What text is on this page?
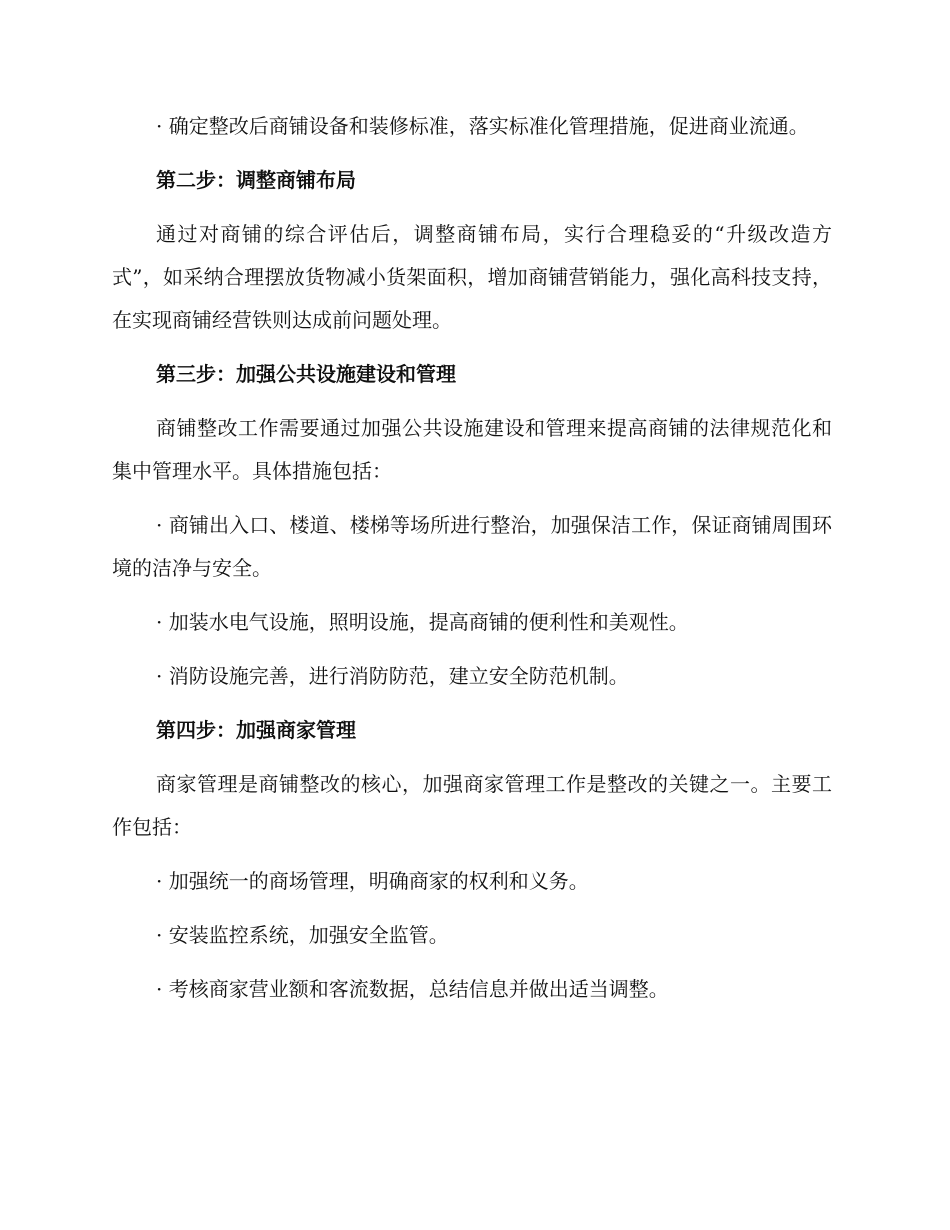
· 确定整改后商铺设备和装修标准，落实标准化管理措施，促进商业流通。

第二步：调整商铺布局

通过对商铺的综合评估后，调整商铺布局，实行合理稳妥的“升级改造方式”，如采纳合理摆放货物减小货架面积，增加商铺营销能力，强化高科技支持，在实现商铺经营铁则达成前问题处理。

第三步：加强公共设施建设和管理

商铺整改工作需要通过加强公共设施建设和管理来提高商铺的法律规范化和集中管理水平。具体措施包括：

· 商铺出入口、楼道、楼梯等场所进行整治，加强保洁工作，保证商铺周围环境的洁净与安全。

· 加装水电气设施，照明设施，提高商铺的便利性和美观性。

· 消防设施完善，进行消防防范，建立安全防范机制。

第四步：加强商家管理

商家管理是商铺整改的核心，加强商家管理工作是整改的关键之一。主要工作包括：

· 加强统一的商场管理，明确商家的权利和义务。

· 安装监控系统，加强安全监管。

· 考核商家营业额和客流数据，总结信息并做出适当调整。
